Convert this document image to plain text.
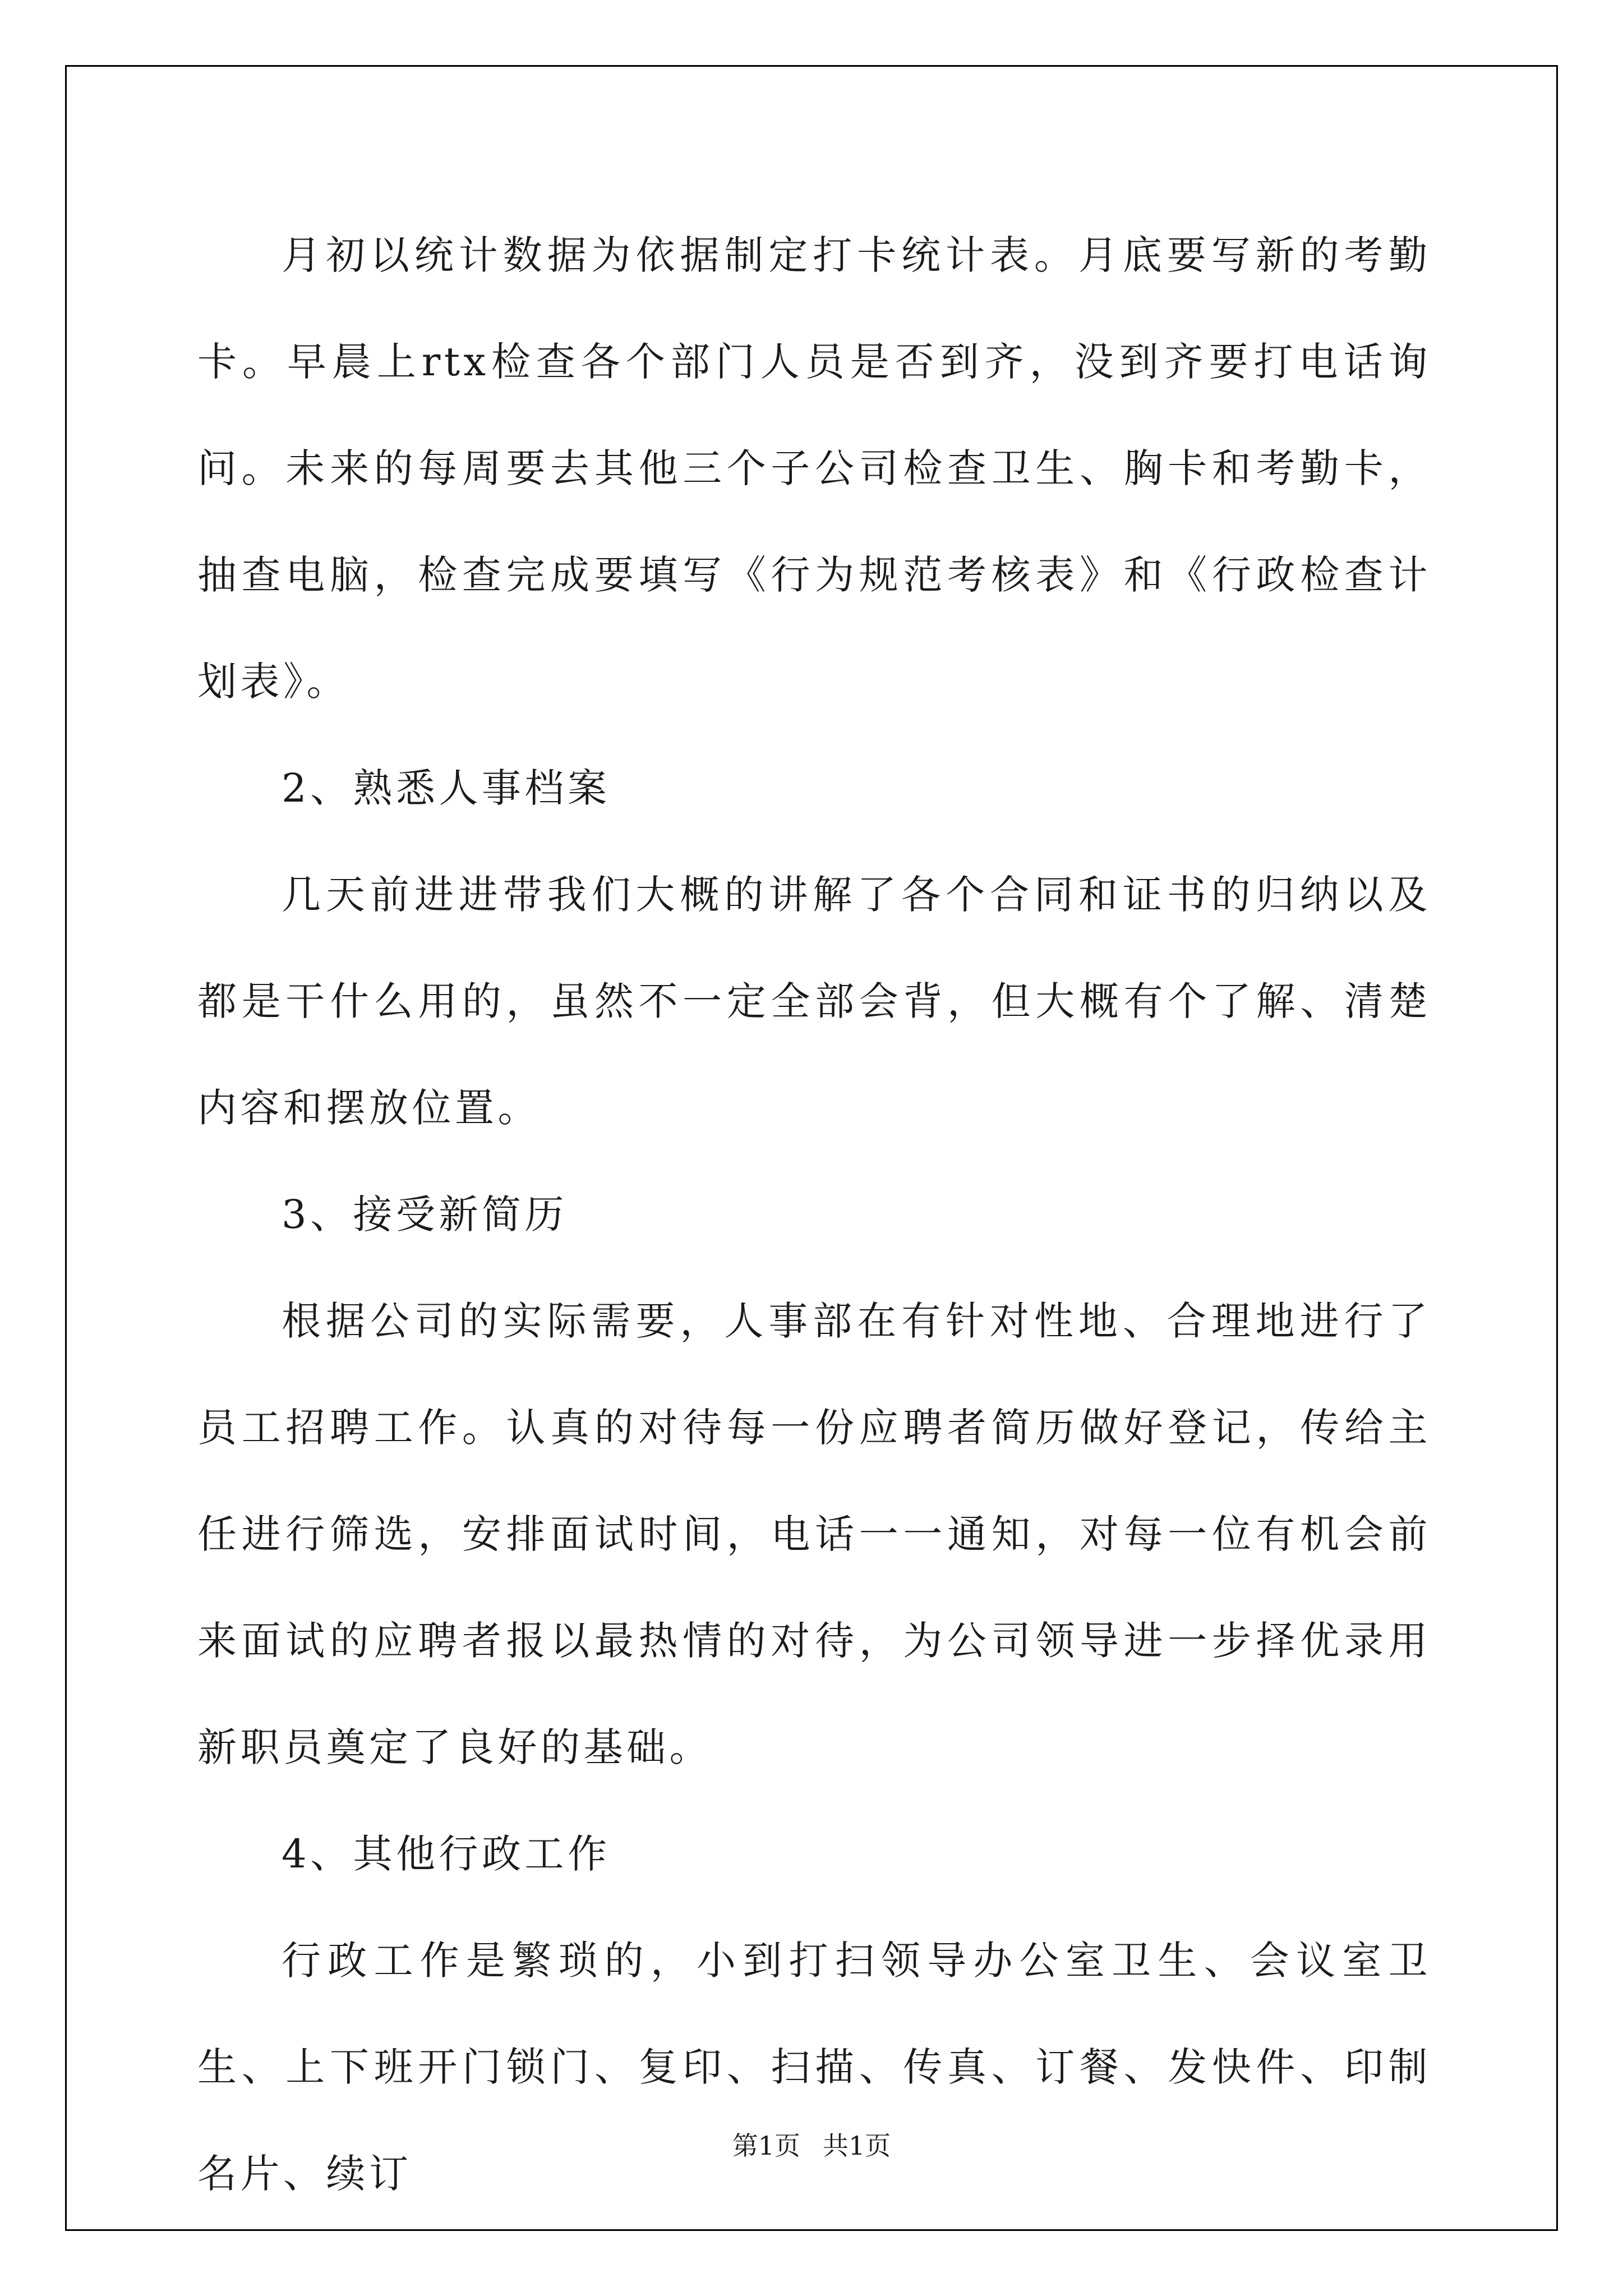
月初以统计数据为依据制定打卡统计表。月底要写新的考勤卡。早晨上rtx检查各个部门人员是否到齐，没到齐要打电话询问。未来的每周要去其他三个子公司检查卫生、胸卡和考勤卡，抽查电脑，检查完成要填写《行为规范考核表》和《行政检查计划表》。

2、熟悉人事档案

几天前进进带我们大概的讲解了各个合同和证书的归纳以及都是干什么用的，虽然不一定全部会背，但大概有个了解、清楚内容和摆放位置。

3、接受新简历

根据公司的实际需要，人事部在有针对性地、合理地进行了员工招聘工作。认真的对待每一份应聘者简历做好登记，传给主任进行筛选，安排面试时间，电话一一通知，对每一位有机会前来面试的应聘者报以最热情的对待，为公司领导进一步择优录用新职员奠定了良好的基础。

4、其他行政工作

行政工作是繁琐的，小到打扫领导办公室卫生、会议室卫生、上下班开门锁门、复印、扫描、传真、订餐、发快件、印制名片、续订

第1页 共1页
